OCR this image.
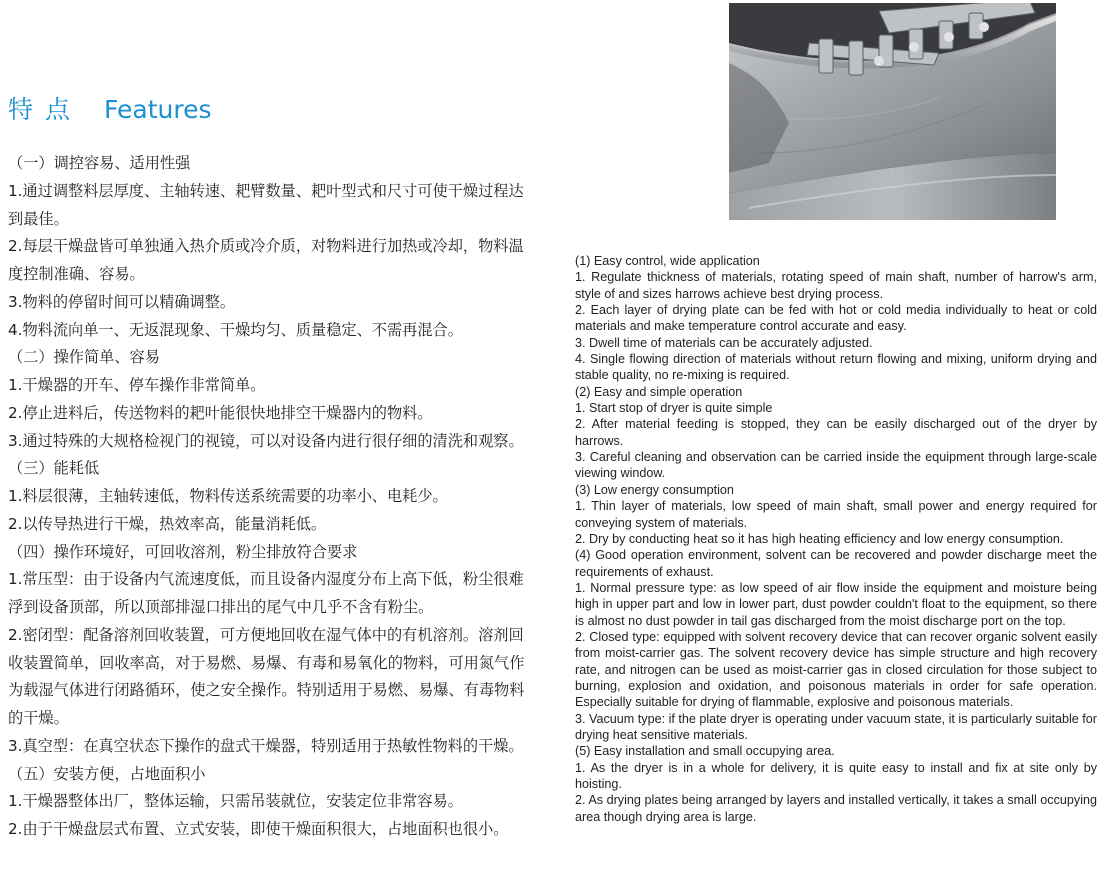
特点 Features
（一）调控容易、适用性强
1.通过调整料层厚度、主轴转速、耙臂数量、耙叶型式和尺寸可使干燥过程达
到最佳。
2.每层干燥盘皆可单独通入热介质或冷介质，对物料进行加热或冷却，物料温
度控制准确、容易。
3.物料的停留时间可以精确调整。
4.物料流向单一、无返混现象、干燥均匀、质量稳定、不需再混合。
（二）操作简单、容易
1.干燥器的开车、停车操作非常简单。
2.停止进料后，传送物料的耙叶能很快地排空干燥器内的物料。
3.通过特殊的大规格检视门的视镜，可以对设备内进行很仔细的清洗和观察。
（三）能耗低
1.料层很薄，主轴转速低，物料传送系统需要的功率小、电耗少。
2.以传导热进行干燥，热效率高，能量消耗低。
（四）操作环境好，可回收溶剂，粉尘排放符合要求
1.常压型：由于设备内气流速度低，而且设备内湿度分布上高下低，粉尘很难
浮到设备顶部，所以顶部排湿口排出的尾气中几乎不含有粉尘。
2.密闭型：配备溶剂回收装置，可方便地回收在湿气体中的有机溶剂。溶剂回
收装置简单，回收率高，对于易燃、易爆、有毒和易氧化的物料，可用氮气作
为载湿气体进行闭路循环，使之安全操作。特别适用于易燃、易爆、有毒物料
的干燥。
3.真空型：在真空状态下操作的盘式干燥器，特别适用于热敏性物料的干燥。
（五）安装方便，占地面积小
1.干燥器整体出厂，整体运输，只需吊装就位，安装定位非常容易。
2.由于干燥盘层式布置、立式安装，即使干燥面积很大，占地面积也很小。
(1) Easy control, wide application
1. Regulate thickness of materials, rotating speed of main shaft, number of harrow's arm, style of and sizes harrows achieve best drying process.
2. Each layer of drying plate can be fed with hot or cold media individually to heat or cold materials and make temperature control accurate and easy.
3. Dwell time of materials can be accurately adjusted.
4. Single flowing direction of materials without return flowing and mixing, uniform drying and stable quality, no re-mixing is required.
(2) Easy and simple operation
1. Start stop of dryer is quite simple
2. After material feeding is stopped, they can be easily discharged out of the dryer by harrows.
3. Careful cleaning and observation can be carried inside the equipment through large-scale viewing window.
(3) Low energy consumption
1. Thin layer of materials, low speed of main shaft, small power and energy required for conveying system of materials.
2. Dry by conducting heat so it has high heating efficiency and low energy consumption.
(4) Good operation environment, solvent can be recovered and powder discharge meet the requirements of exhaust.
1. Normal pressure type: as low speed of air flow inside the equipment and moisture being high in upper part and low in lower part, dust powder couldn't float to the equipment, so there is almost no dust powder in tail gas discharged from the moist discharge port on the top.
2. Closed type: equipped with solvent recovery device that can recover organic solvent easily from moist-carrier gas. The solvent recovery device has simple structure and high recovery rate, and nitrogen can be used as moist-carrier gas in closed circulation for those subject to burning, explosion and oxidation, and poisonous materials in order for safe operation. Especially suitable for drying of flammable, explosive and poisonous materials.
3. Vacuum type: if the plate dryer is operating under vacuum state, it is particularly suitable for drying heat sensitive materials.
(5) Easy installation and small occupying area.
1. As the dryer is in a whole for delivery, it is quite easy to install and fix at site only by hoisting.
2. As drying plates being arranged by layers and installed vertically, it takes a small occupying area though drying area is large.
